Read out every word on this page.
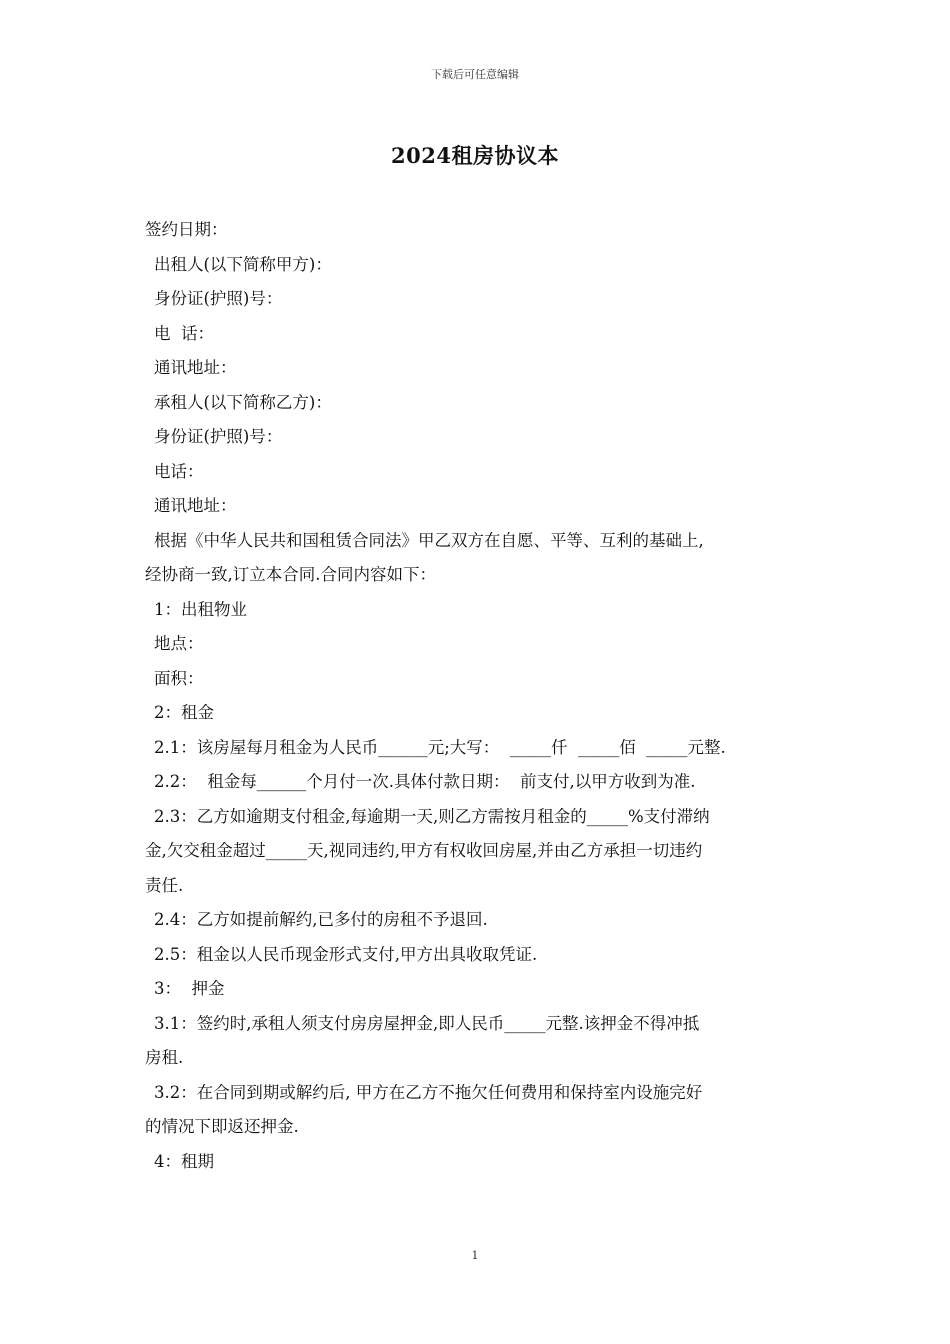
下载后可任意编辑
2024租房协议本
签约日期：
出租人(以下简称甲方)：
身份证(护照)号：
电  话：
通讯地址：
承租人(以下简称乙方)：
身份证(护照)号：
电话：
通讯地址：
根据《中华人民共和国租赁合同法》甲乙双方在自愿、平等、互利的基础上,
经协商一致,订立本合同.合同内容如下：
1：出租物业
地点：
面积：
2：租金
2.1：该房屋每月租金为人民币______元;大写：  _____仟  _____佰  _____元整.
2.2：  租金每______个月付一次.具体付款日期：  前支付,以甲方收到为准.
2.3：乙方如逾期支付租金,每逾期一天,则乙方需按月租金的_____%支付滞纳
金,欠交租金超过_____天,视同违约,甲方有权收回房屋,并由乙方承担一切违约
责任.
2.4：乙方如提前解约,已多付的房租不予退回.
2.5：租金以人民币现金形式支付,甲方出具收取凭证.
3：  押金
3.1：签约时,承租人须支付房房屋押金,即人民币_____元整.该押金不得冲抵
房租.
3.2：在合同到期或解约后, 甲方在乙方不拖欠任何费用和保持室内设施完好
的情况下即返还押金.
4：租期
1
